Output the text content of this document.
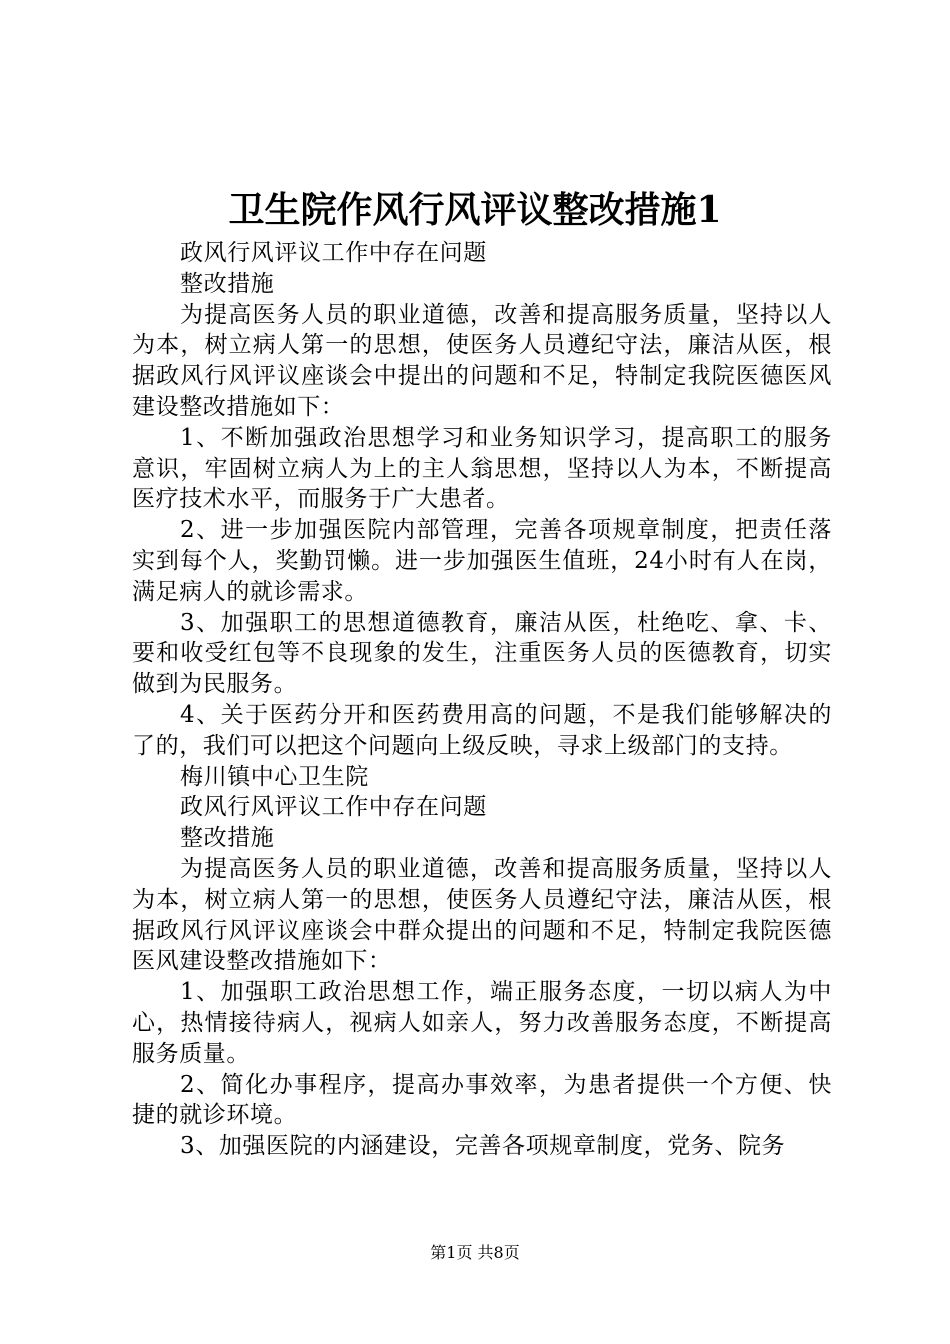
卫生院作风行风评议整改措施1

政风行风评议工作中存在问题

整改措施

为提高医务人员的职业道德，改善和提高服务质量，坚持以人为本，树立病人第一的思想，使医务人员遵纪守法，廉洁从医，根据政风行风评议座谈会中提出的问题和不足，特制定我院医德医风建设整改措施如下：

1、不断加强政治思想学习和业务知识学习，提高职工的服务意识，牢固树立病人为上的主人翁思想，坚持以人为本，不断提高医疗技术水平，而服务于广大患者。

2、进一步加强医院内部管理，完善各项规章制度，把责任落实到每个人，奖勤罚懒。进一步加强医生值班，24小时有人在岗，满足病人的就诊需求。

3、加强职工的思想道德教育，廉洁从医，杜绝吃、拿、卡、要和收受红包等不良现象的发生，注重医务人员的医德教育，切实做到为民服务。

4、关于医药分开和医药费用高的问题，不是我们能够解决的了的，我们可以把这个问题向上级反映，寻求上级部门的支持。

梅川镇中心卫生院

政风行风评议工作中存在问题

整改措施

为提高医务人员的职业道德，改善和提高服务质量，坚持以人为本，树立病人第一的思想，使医务人员遵纪守法，廉洁从医，根据政风行风评议座谈会中群众提出的问题和不足，特制定我院医德医风建设整改措施如下：

1、加强职工政治思想工作，端正服务态度，一切以病人为中心，热情接待病人，视病人如亲人，努力改善服务态度，不断提高服务质量。

2、简化办事程序，提高办事效率，为患者提供一个方便、快捷的就诊环境。

3、加强医院的内涵建设，完善各项规章制度，党务、院务

第1页 共8页
